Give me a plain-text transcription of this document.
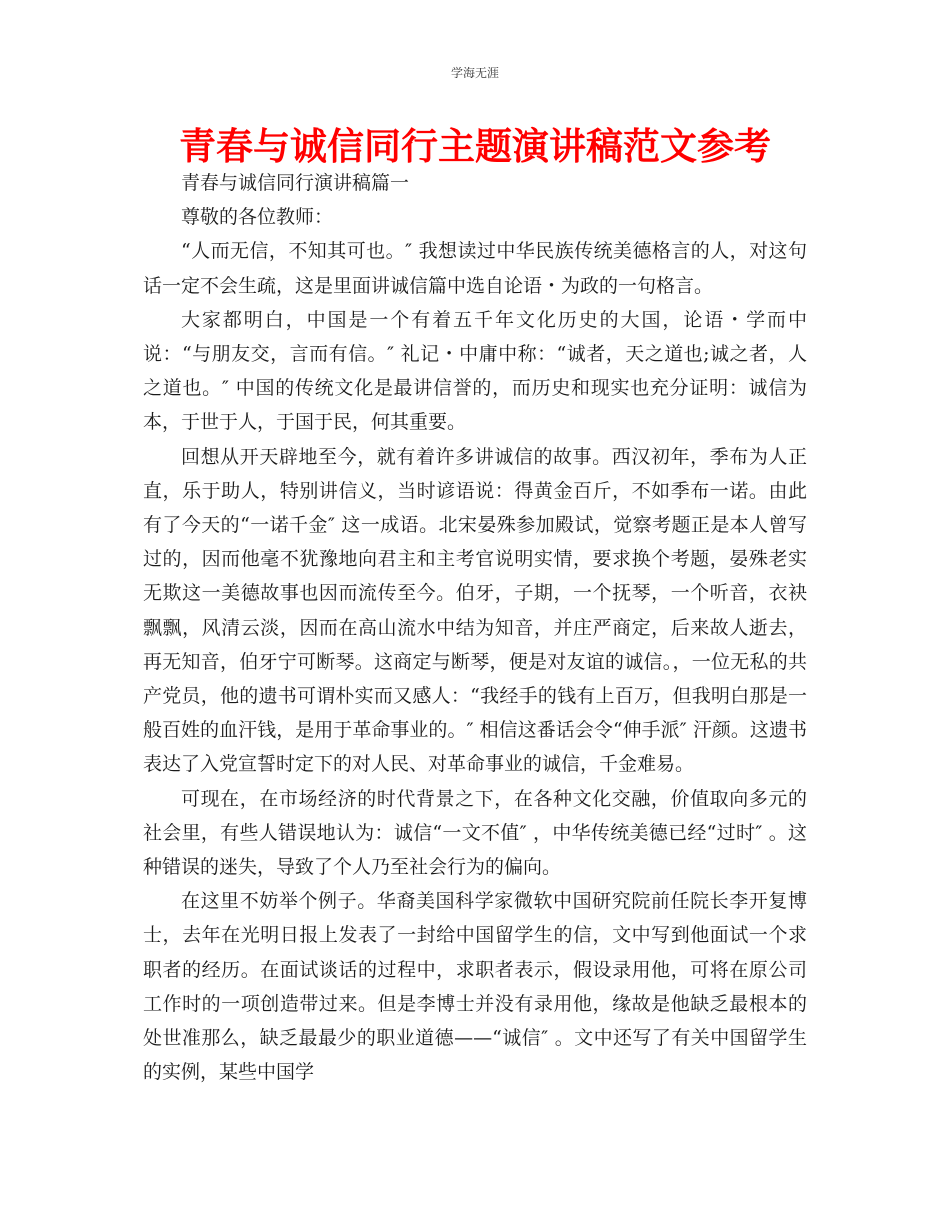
学海无涯
青春与诚信同行主题演讲稿范文参考

青春与诚信同行演讲稿篇一

尊敬的各位教师：

“人而无信，不知其可也。″ 我想读过中华民族传统美德格言的人，对这句话一定不会生疏，这是里面讲诚信篇中选自论语・为政的一句格言。

大家都明白，中国是一个有着五千年文化历史的大国，论语・学而中说：“与朋友交，言而有信。″ 礼记・中庸中称：“诚者，天之道也;诚之者，人之道也。″ 中国的传统文化是最讲信誉的，而历史和现实也充分证明：诚信为本，于世于人，于国于民，何其重要。

回想从开天辟地至今，就有着许多讲诚信的故事。西汉初年，季布为人正直，乐于助人，特别讲信义，当时谚语说：得黄金百斤，不如季布一诺。由此有了今天的“一诺千金″ 这一成语。北宋晏殊参加殿试，觉察考题正是本人曾写过的，因而他毫不犹豫地向君主和主考官说明实情，要求换个考题，晏殊老实无欺这一美德故事也因而流传至今。伯牙，子期，一个抚琴，一个听音，衣袂飘飘，风清云淡，因而在高山流水中结为知音，并庄严商定，后来故人逝去，再无知音，伯牙宁可断琴。这商定与断琴，便是对友谊的诚信。，一位无私的共产党员，他的遗书可谓朴实而又感人：“我经手的钱有上百万，但我明白那是一般百姓的血汗钱，是用于革命事业的。″ 相信这番话会令“伸手派″ 汗颜。这遗书表达了入党宣誓时定下的对人民、对革命事业的诚信，千金难易。

可现在，在市场经济的时代背景之下，在各种文化交融，价值取向多元的社会里，有些人错误地认为：诚信“一文不值″ ，中华传统美德已经“过时″ 。这种错误的迷失，导致了个人乃至社会行为的偏向。

在这里不妨举个例子。华裔美国科学家微软中国研究院前任院长李开复博士，去年在光明日报上发表了一封给中国留学生的信，文中写到他面试一个求职者的经历。在面试谈话的过程中，求职者表示，假设录用他，可将在原公司工作时的一项创造带过来。但是李博士并没有录用他，缘故是他缺乏最根本的处世准那么，缺乏最最少的职业道德——“诚信″ 。文中还写了有关中国留学生的实例，某些中国学
